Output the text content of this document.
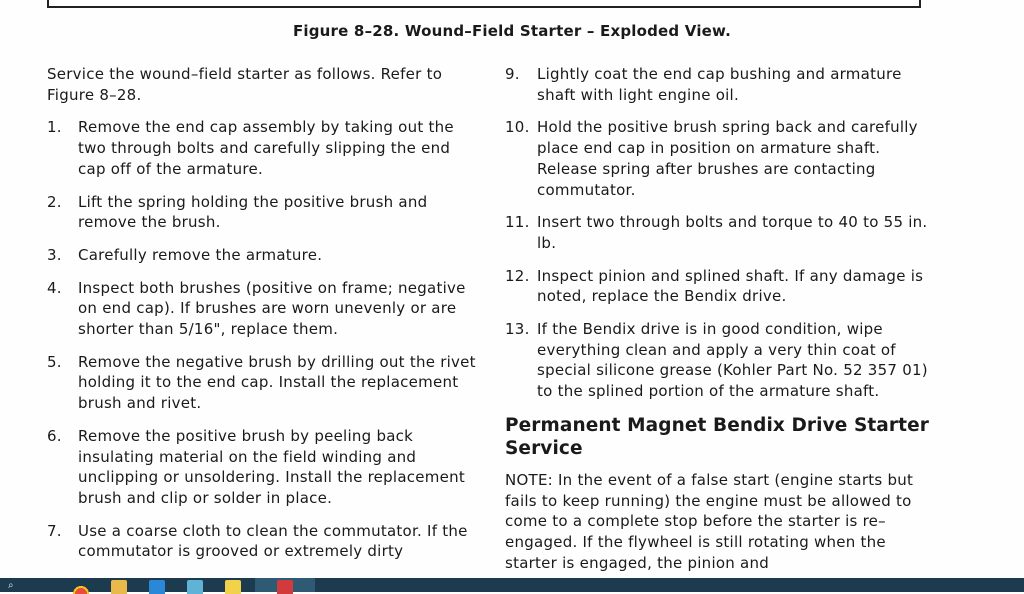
Figure 8–28. Wound–Field Starter – Exploded View.

Service the wound–field starter as follows. Refer to Figure 8–28.

1.	Remove the end cap assembly by taking out the two through bolts and carefully slipping the end cap off of the armature.
2.	Lift the spring holding the positive brush and remove the brush.
3.	Carefully remove the armature.
4.	Inspect both brushes (positive on frame; negative on end cap). If brushes are worn unevenly or are shorter than 5/16", replace them.
5.	Remove the negative brush by drilling out the rivet holding it to the end cap. Install the replacement brush and rivet.
6.	Remove the positive brush by peeling back insulating material on the field winding and unclipping or unsoldering. Install the replacement brush and clip or solder in place.
7.	Use a coarse cloth to clean the commutator. If the commutator is grooved or extremely dirty
9.	Lightly coat the end cap bushing and armature shaft with light engine oil.
10. Hold the positive brush spring back and carefully place end cap in position on armature shaft. Release spring after brushes are contacting commutator.
11. Insert two through bolts and torque to 40 to 55 in. lb.
12. Inspect pinion and splined shaft. If any damage is noted, replace the Bendix drive.
13. If the Bendix drive is in good condition, wipe everything clean and apply a very thin coat of special silicone grease (Kohler Part No. 52 357 01) to the splined portion of the armature shaft.
Permanent Magnet Bendix Drive Starter Service

NOTE: In the event of a false start (engine starts but fails to keep running) the engine must be allowed to come to a complete stop before the starter is re–engaged. If the flywheel is still rotating when the starter is engaged, the pinion and

⌕
